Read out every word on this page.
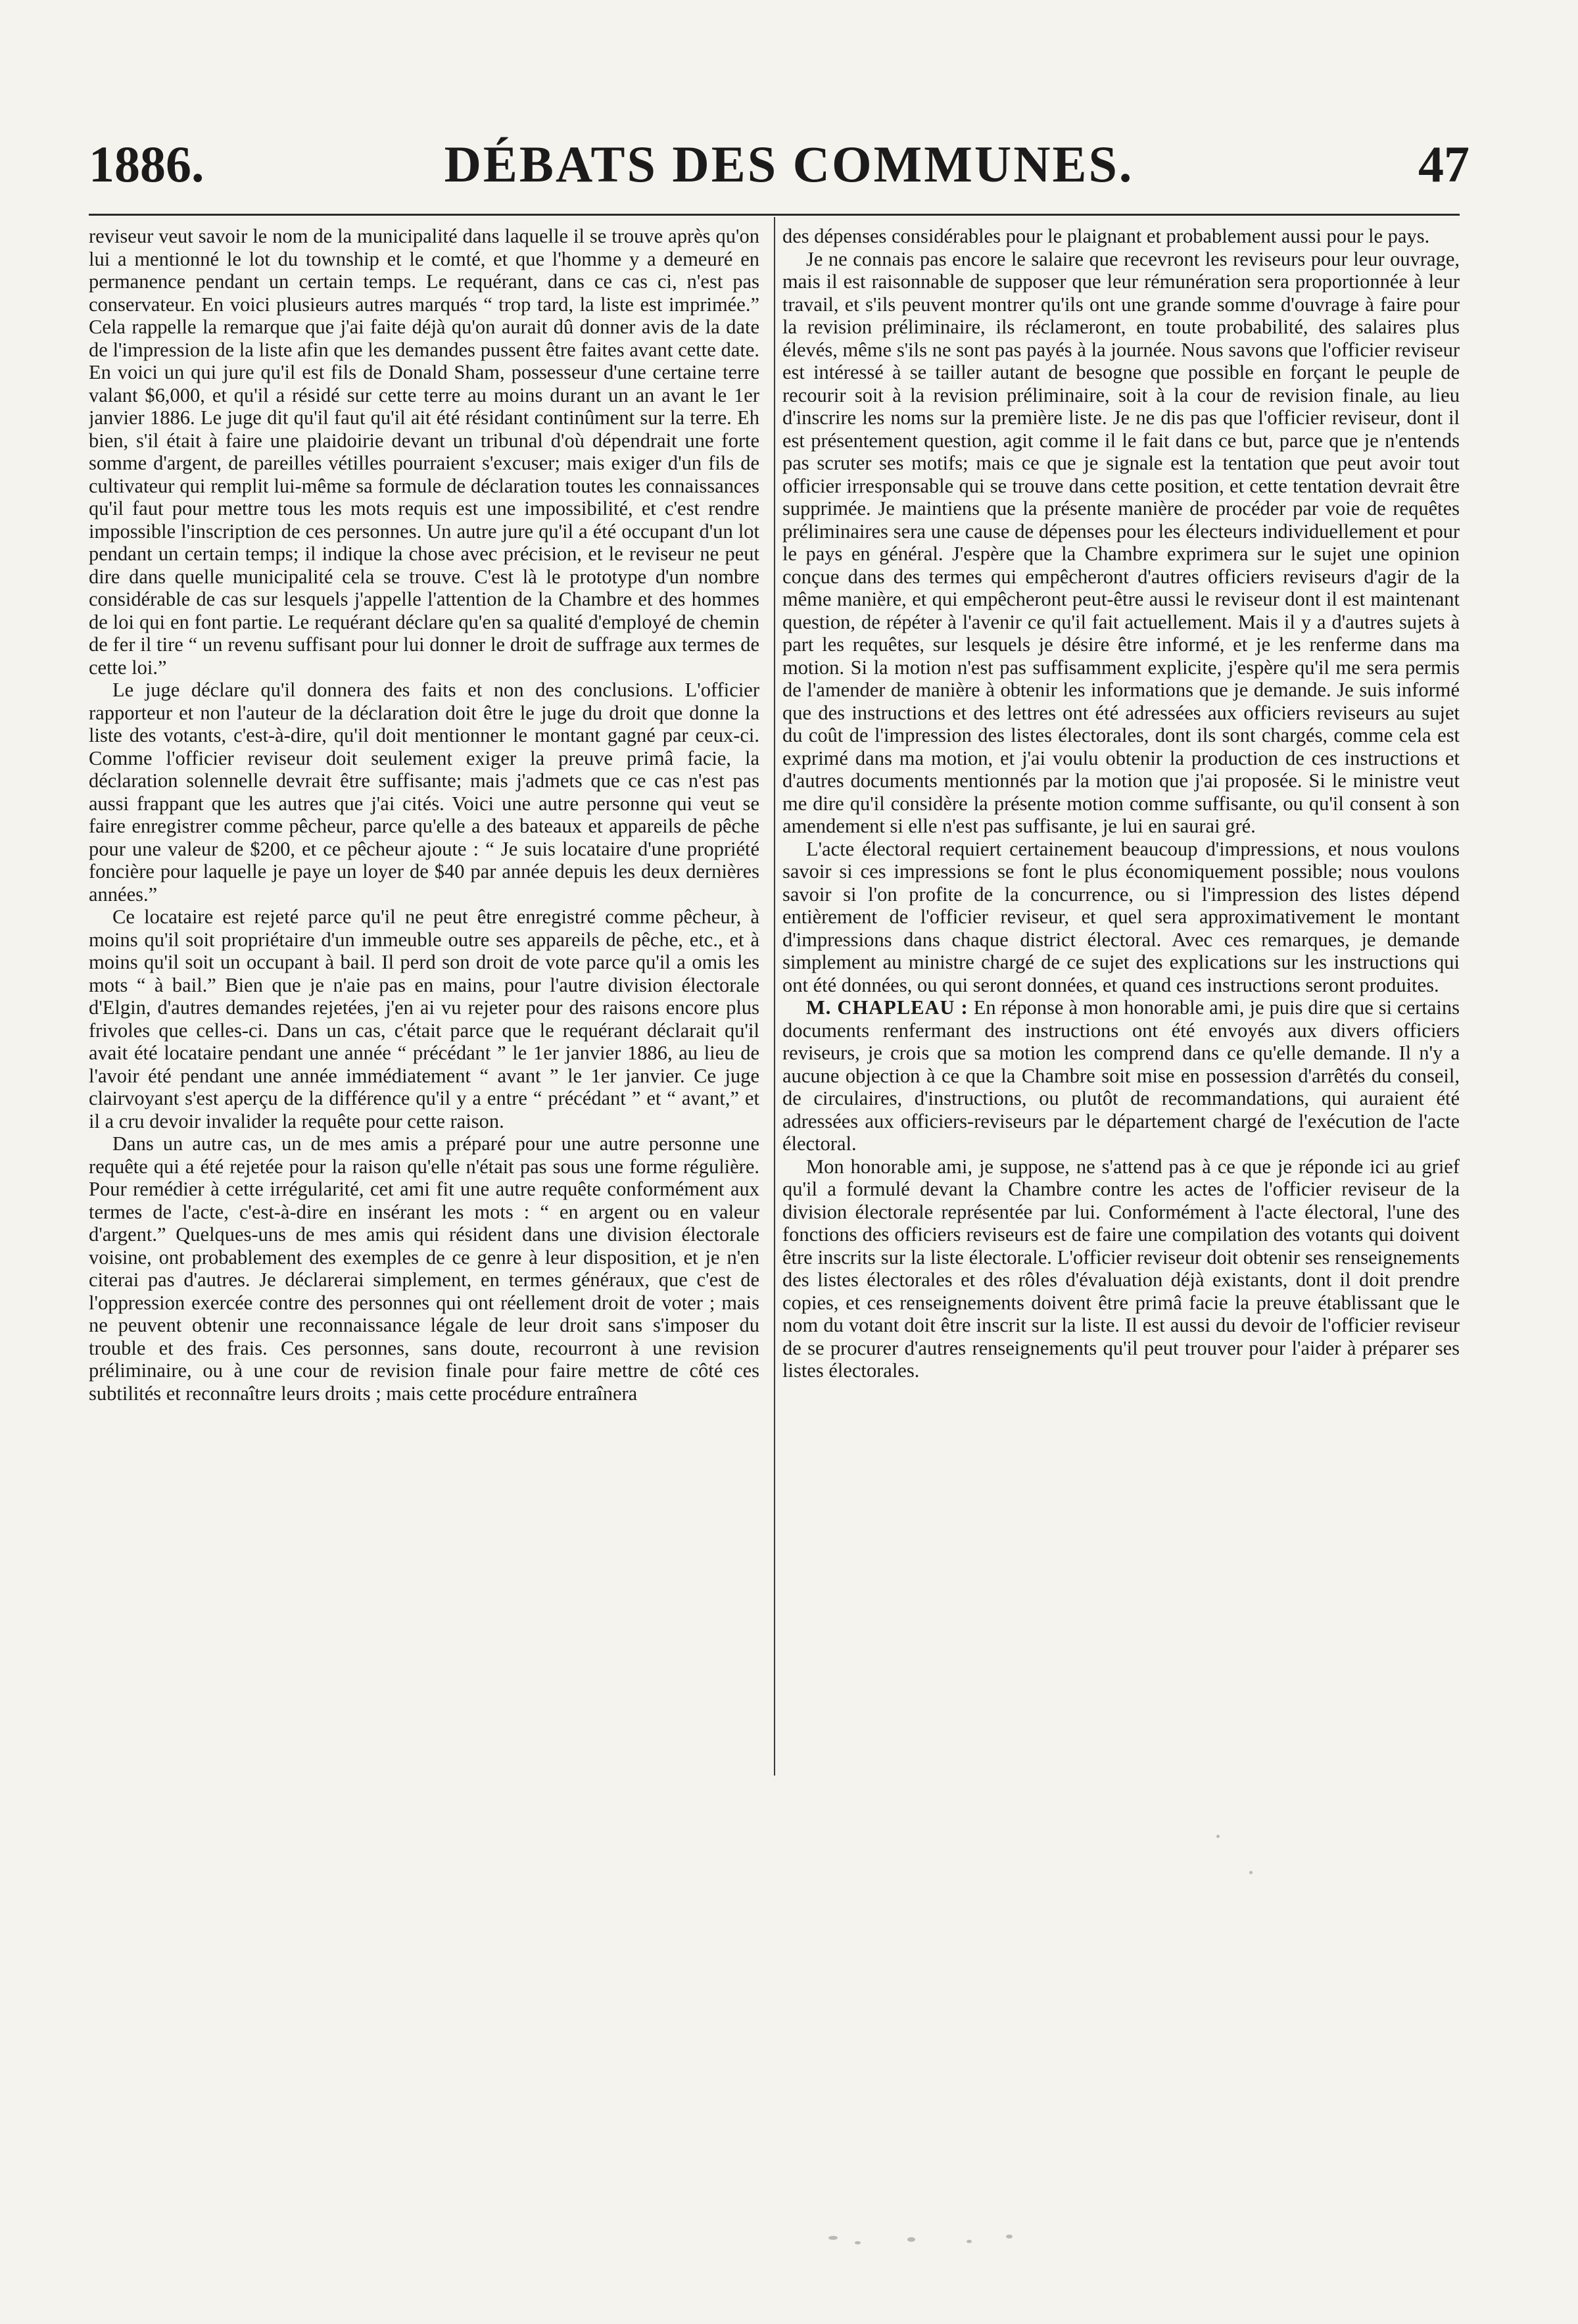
1886.	DÉBATS DES COMMUNES.	47

reviseur veut savoir le nom de la municipalité dans laquelle il se trouve après qu'on lui a mentionné le lot du township et le comté, et que l'homme y a demeuré en permanence pendant un certain temps. Le requérant, dans ce cas ci, n'est pas conservateur. En voici plusieurs autres marqués “ trop tard, la liste est imprimée.” Cela rappelle la remarque que j'ai faite déjà qu'on aurait dû donner avis de la date de l'impression de la liste afin que les demandes pussent être faites avant cette date. En voici un qui jure qu'il est fils de Donald Sham, possesseur d'une certaine terre valant $6,000, et qu'il a résidé sur cette terre au moins durant un an avant le 1er janvier 1886. Le juge dit qu'il faut qu'il ait été résidant continûment sur la terre. Eh bien, s'il était à faire une plaidoirie devant un tribunal d'où dépendrait une forte somme d'argent, de pareilles vétilles pourraient s'excuser; mais exiger d'un fils de cultivateur qui remplit lui-même sa formule de déclaration toutes les connaissances qu'il faut pour mettre tous les mots requis est une impossibilité, et c'est rendre impossible l'inscription de ces personnes. Un autre jure qu'il a été occupant d'un lot pendant un certain temps; il indique la chose avec précision, et le reviseur ne peut dire dans quelle municipalité cela se trouve. C'est là le prototype d'un nombre considérable de cas sur lesquels j'appelle l'attention de la Chambre et des hommes de loi qui en font partie. Le requérant déclare qu'en sa qualité d'employé de chemin de fer il tire “ un revenu suffisant pour lui donner le droit de suffrage aux termes de cette loi.”

Le juge déclare qu'il donnera des faits et non des conclusions. L'officier rapporteur et non l'auteur de la déclaration doit être le juge du droit que donne la liste des votants, c'est-à-dire, qu'il doit mentionner le montant gagné par ceux-ci. Comme l'officier reviseur doit seulement exiger la preuve primâ facie, la déclaration solennelle devrait être suffisante; mais j'admets que ce cas n'est pas aussi frappant que les autres que j'ai cités. Voici une autre personne qui veut se faire enregistrer comme pêcheur, parce qu'elle a des bateaux et appareils de pêche pour une valeur de $200, et ce pêcheur ajoute : “ Je suis locataire d'une propriété foncière pour laquelle je paye un loyer de $40 par année depuis les deux dernières années.”

Ce locataire est rejeté parce qu'il ne peut être enregistré comme pêcheur, à moins qu'il soit propriétaire d'un immeuble outre ses appareils de pêche, etc., et à moins qu'il soit un occupant à bail. Il perd son droit de vote parce qu'il a omis les mots “ à bail.” Bien que je n'aie pas en mains, pour l'autre division électorale d'Elgin, d'autres demandes rejetées, j'en ai vu rejeter pour des raisons encore plus frivoles que celles-ci. Dans un cas, c'était parce que le requérant déclarait qu'il avait été locataire pendant une année “ précédant ” le 1er janvier 1886, au lieu de l'avoir été pendant une année immédiatement “ avant ” le 1er janvier. Ce juge clairvoyant s'est aperçu de la différence qu'il y a entre “ précédant ” et “ avant,” et il a cru devoir invalider la requête pour cette raison.

Dans un autre cas, un de mes amis a préparé pour une autre personne une requête qui a été rejetée pour la raison qu'elle n'était pas sous une forme régulière. Pour remédier à cette irrégularité, cet ami fit une autre requête conformément aux termes de l'acte, c'est-à-dire en insérant les mots : “ en argent ou en valeur d'argent.” Quelques-uns de mes amis qui résident dans une division électorale voisine, ont probablement des exemples de ce genre à leur disposition, et je n'en citerai pas d'autres. Je déclarerai simplement, en termes généraux, que c'est de l'oppression exercée contre des personnes qui ont réellement droit de voter ; mais ne peuvent obtenir une reconnaissance légale de leur droit sans s'imposer du trouble et des frais. Ces personnes, sans doute, recourront à une revision préliminaire, ou à une cour de revision finale pour faire mettre de côté ces subtilités et reconnaître leurs droits ; mais cette procédure entraînera

des dépenses considérables pour le plaignant et probablement aussi pour le pays.

Je ne connais pas encore le salaire que recevront les reviseurs pour leur ouvrage, mais il est raisonnable de supposer que leur rémunération sera proportionnée à leur travail, et s'ils peuvent montrer qu'ils ont une grande somme d'ouvrage à faire pour la revision préliminaire, ils réclameront, en toute probabilité, des salaires plus élevés, même s'ils ne sont pas payés à la journée. Nous savons que l'officier reviseur est intéressé à se tailler autant de besogne que possible en forçant le peuple de recourir soit à la revision préliminaire, soit à la cour de revision finale, au lieu d'inscrire les noms sur la première liste. Je ne dis pas que l'officier reviseur, dont il est présentement question, agit comme il le fait dans ce but, parce que je n'entends pas scruter ses motifs; mais ce que je signale est la tentation que peut avoir tout officier irresponsable qui se trouve dans cette position, et cette tentation devrait être supprimée. Je maintiens que la présente manière de procéder par voie de requêtes préliminaires sera une cause de dépenses pour les électeurs individuellement et pour le pays en général. J'espère que la Chambre exprimera sur le sujet une opinion conçue dans des termes qui empêcheront d'autres officiers reviseurs d'agir de la même manière, et qui empêcheront peut-être aussi le reviseur dont il est maintenant question, de répéter à l'avenir ce qu'il fait actuellement. Mais il y a d'autres sujets à part les requêtes, sur lesquels je désire être informé, et je les renferme dans ma motion. Si la motion n'est pas suffisamment explicite, j'espère qu'il me sera permis de l'amender de manière à obtenir les informations que je demande. Je suis informé que des instructions et des lettres ont été adressées aux officiers reviseurs au sujet du coût de l'impression des listes électorales, dont ils sont chargés, comme cela est exprimé dans ma motion, et j'ai voulu obtenir la production de ces instructions et d'autres documents mentionnés par la motion que j'ai proposée. Si le ministre veut me dire qu'il considère la présente motion comme suffisante, ou qu'il consent à son amendement si elle n'est pas suffisante, je lui en saurai gré.

L'acte électoral requiert certainement beaucoup d'impressions, et nous voulons savoir si ces impressions se font le plus économiquement possible; nous voulons savoir si l'on profite de la concurrence, ou si l'impression des listes dépend entièrement de l'officier reviseur, et quel sera approximativement le montant d'impressions dans chaque district électoral. Avec ces remarques, je demande simplement au ministre chargé de ce sujet des explications sur les instructions qui ont été données, ou qui seront données, et quand ces instructions seront produites.

M. CHAPLEAU : En réponse à mon honorable ami, je puis dire que si certains documents renfermant des instructions ont été envoyés aux divers officiers reviseurs, je crois que sa motion les comprend dans ce qu'elle demande. Il n'y a aucune objection à ce que la Chambre soit mise en possession d'arrêtés du conseil, de circulaires, d'instructions, ou plutôt de recommandations, qui auraient été adressées aux officiers-reviseurs par le département chargé de l'exécution de l'acte électoral.

Mon honorable ami, je suppose, ne s'attend pas à ce que je réponde ici au grief qu'il a formulé devant la Chambre contre les actes de l'officier reviseur de la division électorale représentée par lui. Conformément à l'acte électoral, l'une des fonctions des officiers reviseurs est de faire une compilation des votants qui doivent être inscrits sur la liste électorale. L'officier reviseur doit obtenir ses renseignements des listes électorales et des rôles d'évaluation déjà existants, dont il doit prendre copies, et ces renseignements doivent être primâ facie la preuve établissant que le nom du votant doit être inscrit sur la liste. Il est aussi du devoir de l'officier reviseur de se procurer d'autres renseignements qu'il peut trouver pour l'aider à préparer ses listes électorales.
